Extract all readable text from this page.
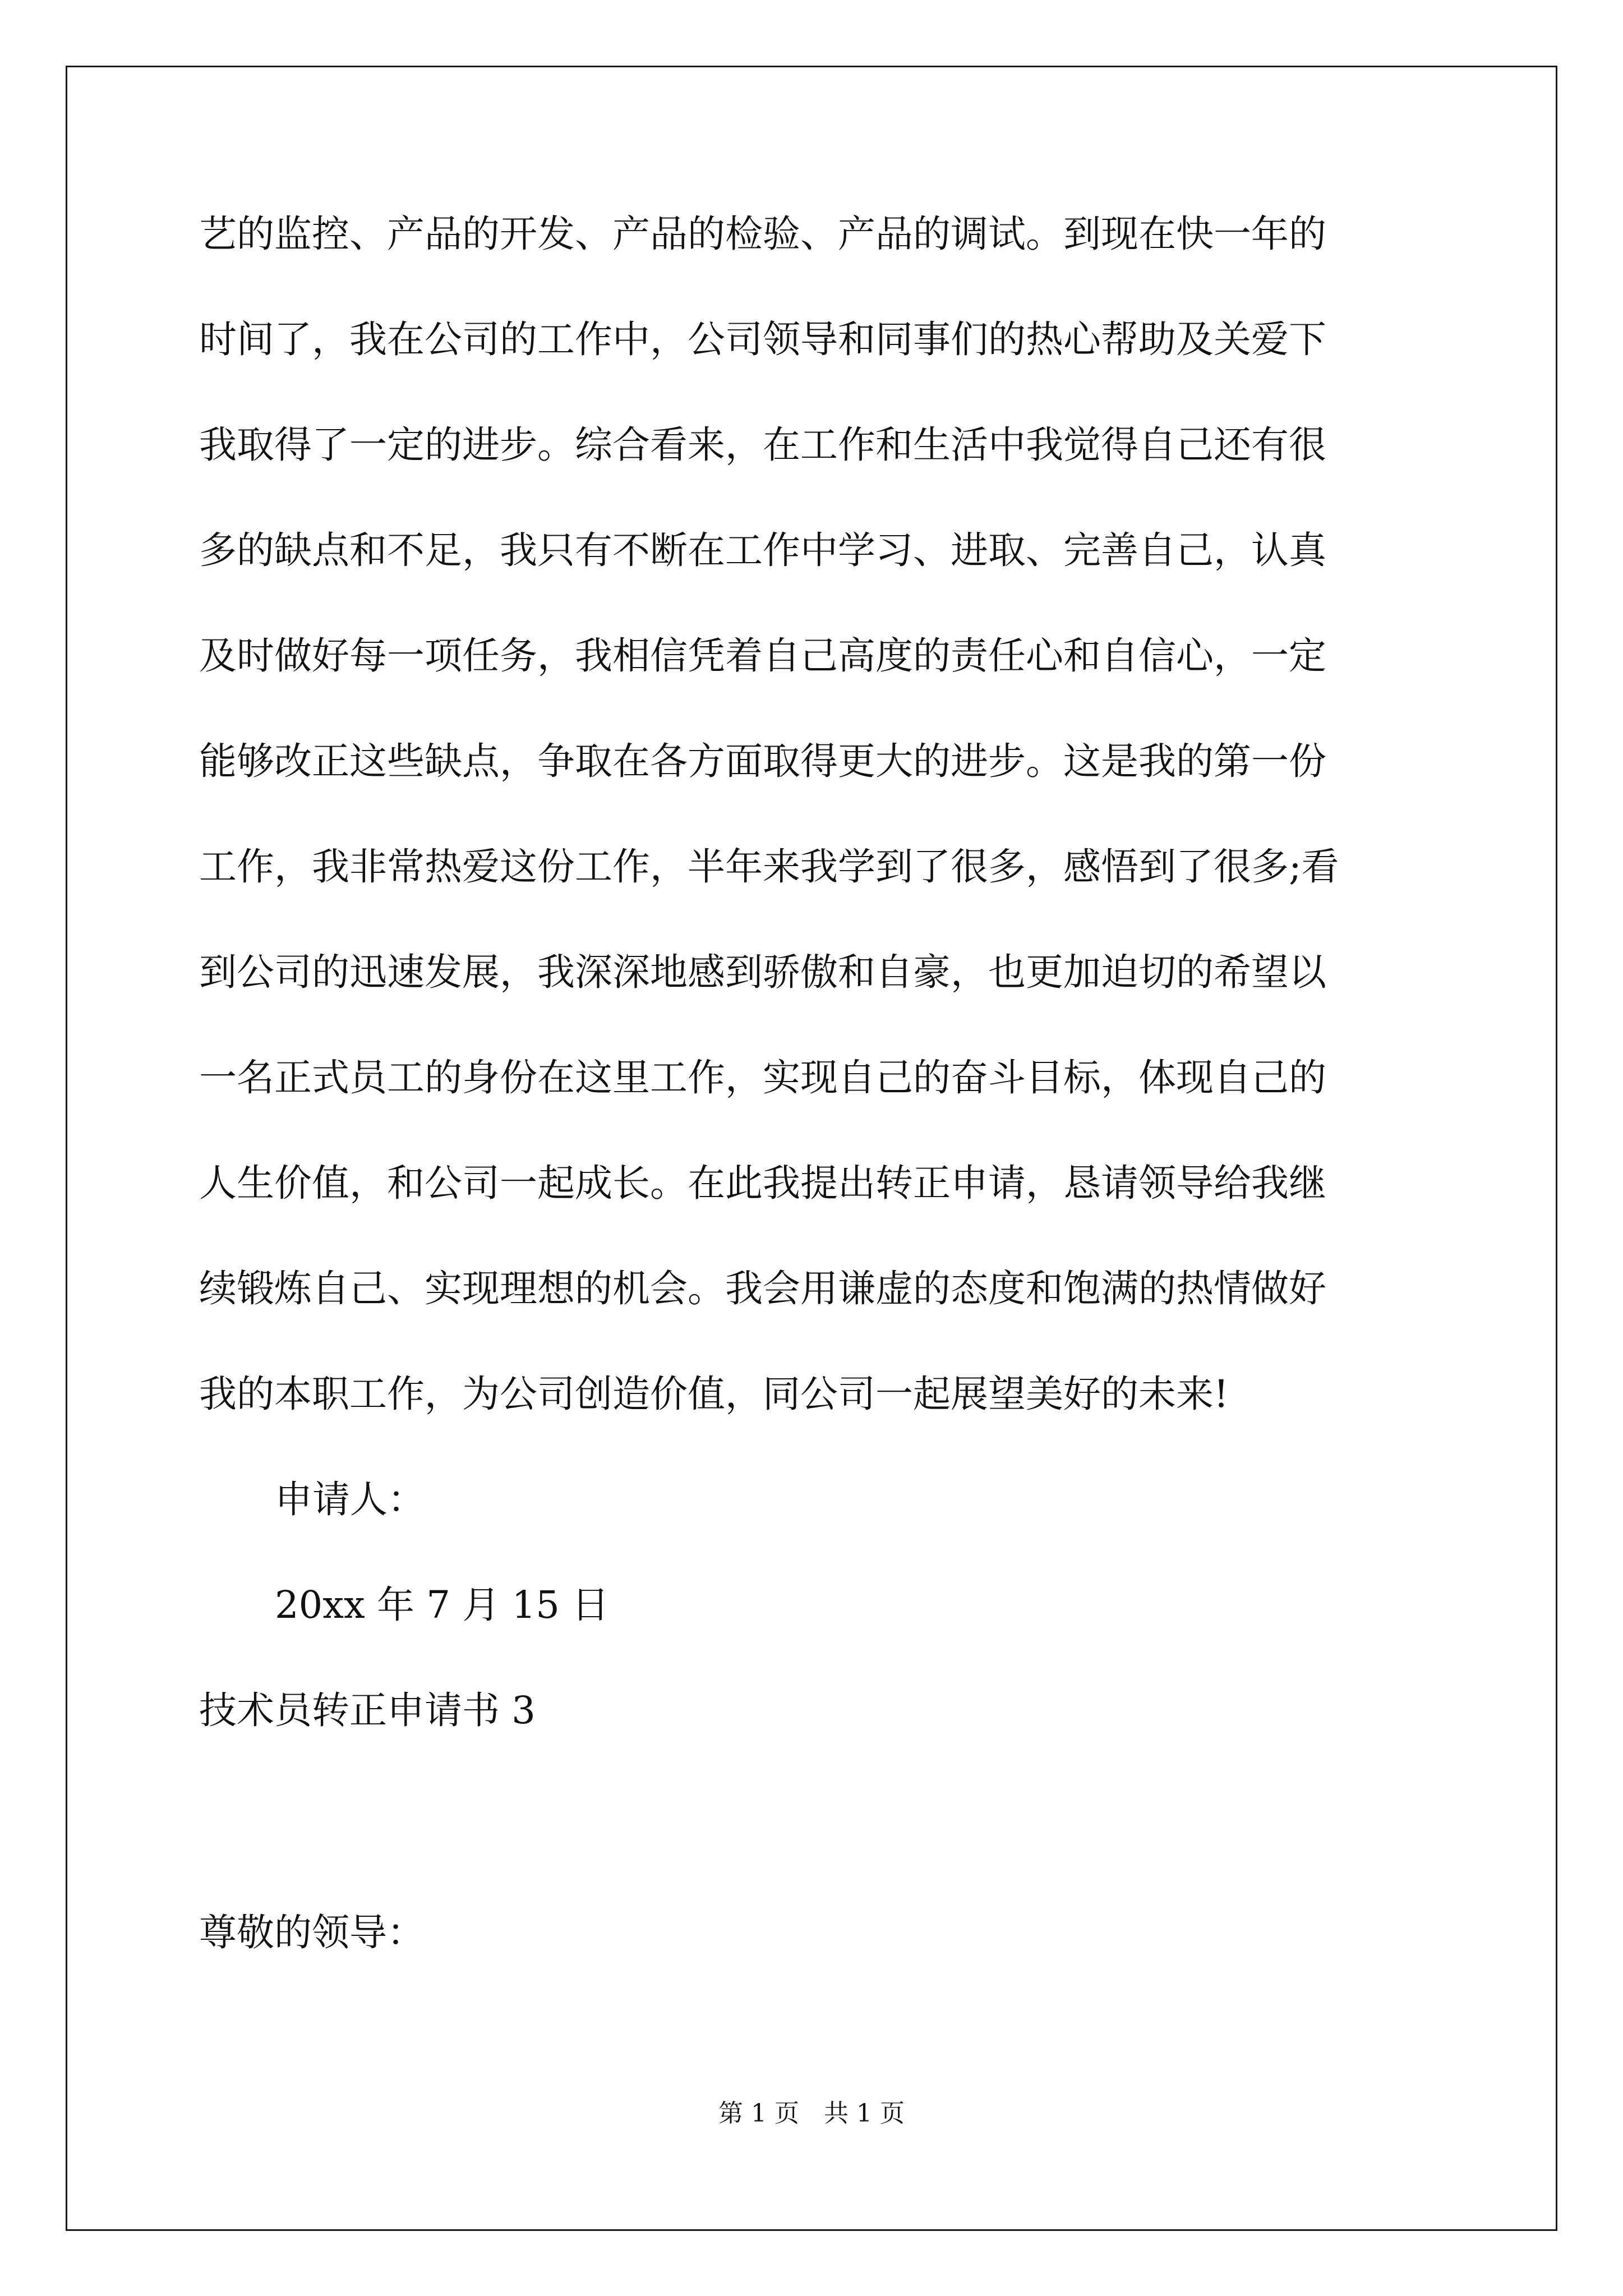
艺的监控、产品的开发、产品的检验、产品的调试。到现在快一年的
时间了，我在公司的工作中，公司领导和同事们的热心帮助及关爱下
我取得了一定的进步。综合看来，在工作和生活中我觉得自己还有很
多的缺点和不足，我只有不断在工作中学习、进取、完善自己，认真
及时做好每一项任务，我相信凭着自己高度的责任心和自信心，一定
能够改正这些缺点，争取在各方面取得更大的进步。这是我的第一份
工作，我非常热爱这份工作，半年来我学到了很多，感悟到了很多;看
到公司的迅速发展，我深深地感到骄傲和自豪，也更加迫切的希望以
一名正式员工的身份在这里工作，实现自己的奋斗目标，体现自己的
人生价值，和公司一起成长。在此我提出转正申请，恳请领导给我继
续锻炼自己、实现理想的机会。我会用谦虚的态度和饱满的热情做好
我的本职工作，为公司创造价值，同公司一起展望美好的未来!
申请人：
20xx 年 7 月 15 日
技术员转正申请书 3
尊敬的领导：
第 1 页　共 1 页
